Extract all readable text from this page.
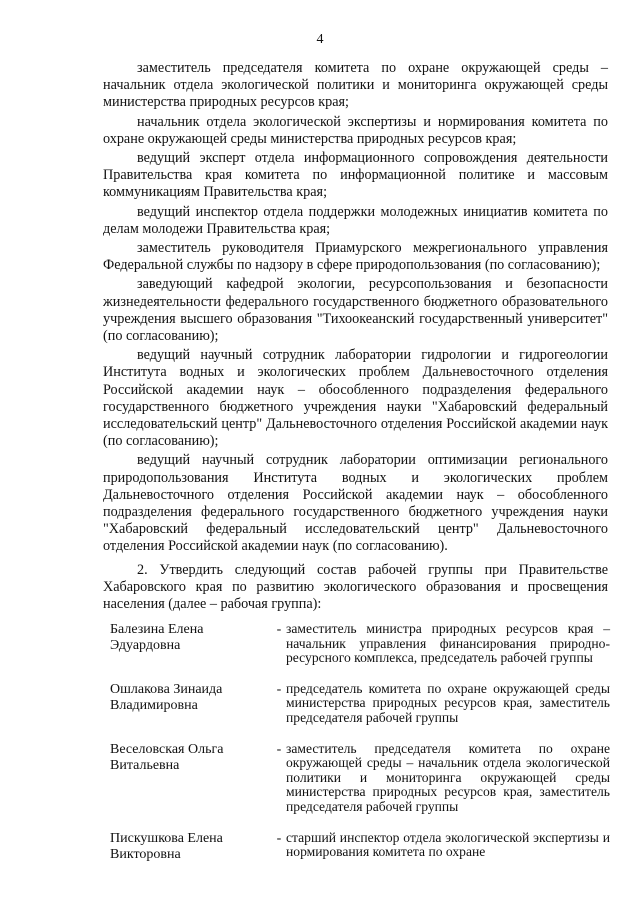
4

заместитель председателя комитета по охране окружающей среды – начальник отдела экологической политики и мониторинга окружающей среды министерства природных ресурсов края;

начальник отдела экологической экспертизы и нормирования комитета по охране окружающей среды министерства природных ресурсов края;

ведущий эксперт отдела информационного сопровождения деятельности Правительства края комитета по информационной политике и массовым коммуникациям Правительства края;

ведущий инспектор отдела поддержки молодежных инициатив комитета по делам молодежи Правительства края;

заместитель руководителя Приамурского межрегионального управления Федеральной службы по надзору в сфере природопользования (по согласованию);

заведующий кафедрой экологии, ресурсопользования и безопасности жизнедеятельности федерального государственного бюджетного образовательного учреждения высшего образования "Тихоокеанский государственный университет" (по согласованию);

ведущий научный сотрудник лаборатории гидрологии и гидрогеологии Института водных и экологических проблем Дальневосточного отделения Российской академии наук – обособленного подразделения федерального государственного бюджетного учреждения науки "Хабаровский федеральный исследовательский центр" Дальневосточного отделения Российской академии наук (по согласованию);

ведущий научный сотрудник лаборатории оптимизации регионального природопользования Института водных и экологических проблем Дальневосточного отделения Российской академии наук – обособленного подразделения федерального государственного бюджетного учреждения науки "Хабаровский федеральный исследовательский центр" Дальневосточного отделения Российской академии наук (по согласованию).

2. Утвердить следующий состав рабочей группы при Правительстве Хабаровского края по развитию экологического образования и просвещения населения (далее – рабочая группа):

Балезина Елена
Эдуардовна
- заместитель министра природных ресурсов края – начальник управления финансирования природно-ресурсного комплекса, председатель рабочей группы
Ошлакова Зинаида
Владимировна
- председатель комитета по охране окружающей среды министерства природных ресурсов края, заместитель председателя рабочей группы
Веселовская Ольга
Витальевна
- заместитель председателя комитета по охране окружающей среды – начальник отдела экологической политики и мониторинга окружающей среды министерства природных ресурсов края, заместитель председателя рабочей группы
Пискушкова Елена
Викторовна
- старший инспектор отдела экологической экспертизы и нормирования комитета по охране
